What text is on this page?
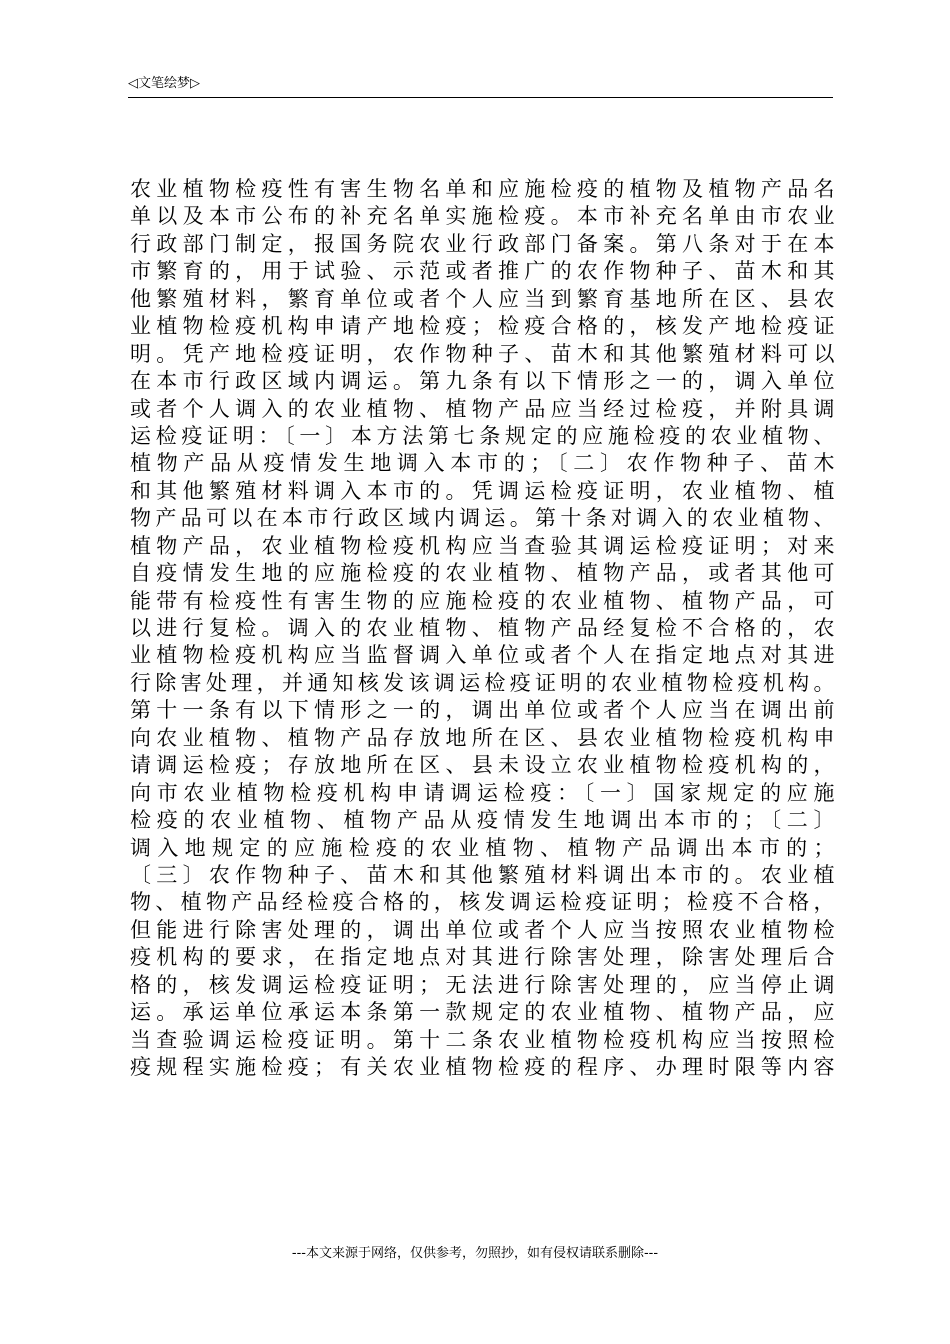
◁文笔绘梦▷
农业植物检疫性有害生物名单和应施检疫的植物及植物产品名
单以及本市公布的补充名单实施检疫。本市补充名单由市农业
行政部门制定，报国务院农业行政部门备案。第八条对于在本
市繁育的，用于试验、示范或者推广的农作物种子、苗木和其
他繁殖材料，繁育单位或者个人应当到繁育基地所在区、县农
业植物检疫机构申请产地检疫；检疫合格的，核发产地检疫证
明。凭产地检疫证明，农作物种子、苗木和其他繁殖材料可以
在本市行政区域内调运。第九条有以下情形之一的，调入单位
或者个人调入的农业植物、植物产品应当经过检疫，并附具调
运检疫证明：〔一〕本方法第七条规定的应施检疫的农业植物、
植物产品从疫情发生地调入本市的；〔二〕农作物种子、苗木
和其他繁殖材料调入本市的。凭调运检疫证明，农业植物、植
物产品可以在本市行政区域内调运。第十条对调入的农业植物、
植物产品，农业植物检疫机构应当查验其调运检疫证明；对来
自疫情发生地的应施检疫的农业植物、植物产品，或者其他可
能带有检疫性有害生物的应施检疫的农业植物、植物产品，可
以进行复检。调入的农业植物、植物产品经复检不合格的，农
业植物检疫机构应当监督调入单位或者个人在指定地点对其进
行除害处理，并通知核发该调运检疫证明的农业植物检疫机构。
第十一条有以下情形之一的，调出单位或者个人应当在调出前
向农业植物、植物产品存放地所在区、县农业植物检疫机构申
请调运检疫；存放地所在区、县未设立农业植物检疫机构的，
向市农业植物检疫机构申请调运检疫：〔一〕国家规定的应施
检疫的农业植物、植物产品从疫情发生地调出本市的；〔二〕
调入地规定的应施检疫的农业植物、植物产品调出本市的；
〔三〕农作物种子、苗木和其他繁殖材料调出本市的。农业植
物、植物产品经检疫合格的，核发调运检疫证明；检疫不合格，
但能进行除害处理的，调出单位或者个人应当按照农业植物检
疫机构的要求，在指定地点对其进行除害处理，除害处理后合
格的，核发调运检疫证明；无法进行除害处理的，应当停止调
运。承运单位承运本条第一款规定的农业植物、植物产品，应
当查验调运检疫证明。第十二条农业植物检疫机构应当按照检
疫规程实施检疫；有关农业植物检疫的程序、办理时限等内容
---本文来源于网络，仅供参考，勿照抄，如有侵权请联系删除---
